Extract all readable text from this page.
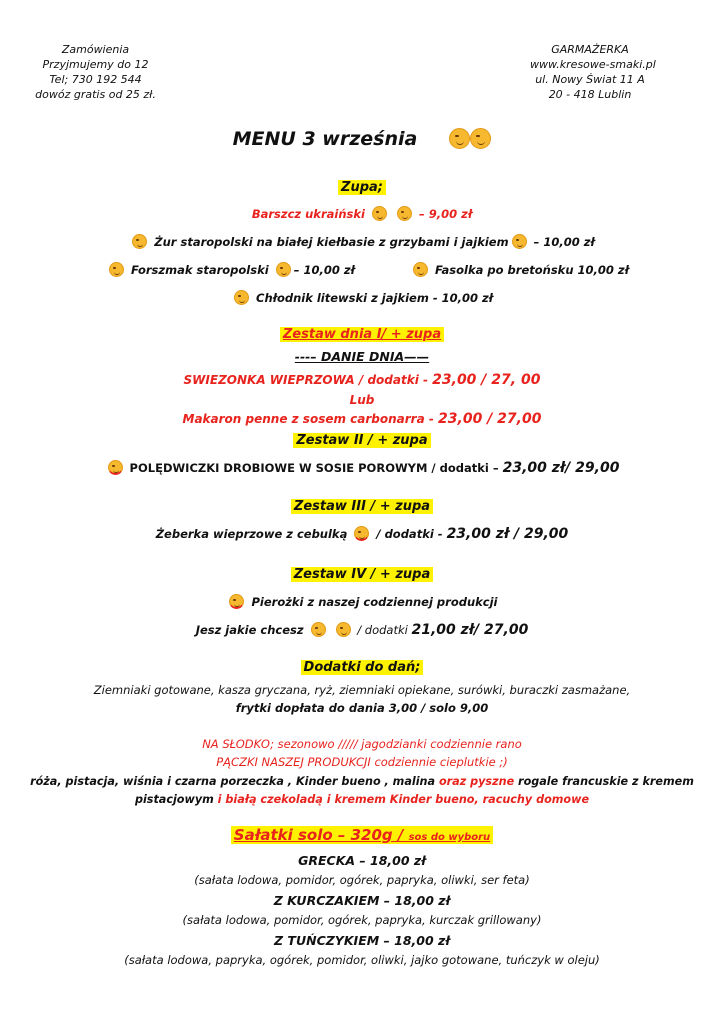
Zamówienia
Przyjmujemy do 12
Tel; 730 192 544
dowóz gratis od 25 zł.
GARMAŻERKA
www.kresowe-smaki.pl
ul. Nowy Świat 11 A
20 - 418 Lublin
MENU 3 września
Zupa;
Barszcz ukraiński	– 9,00 zł
Żur staropolski na białej kiełbasie z grzybami i jajkiem – 10,00 zł
Forszmak staropolski – 10,00 zł	Fasolka po bretońsku 10,00 zł
Chłodnik litewski z jajkiem - 10,00 zł
Zestaw dnia I/ + zupa
---– DANIE DNIA——
SWIEZONKA WIEPRZOWA / dodatki - 23,00 / 27, 00
Lub
Makaron penne z sosem carbonarra - 23,00 / 27,00
Zestaw II / + zupa
POLĘDWICZKI DROBIOWE W SOSIE POROWYM / dodatki – 23,00 zł/ 29,00
Zestaw III / + zupa
Żeberka wieprzowe z cebulką  / dodatki - 23,00 zł / 29,00
Zestaw IV / + zupa
Pierożki z naszej codziennej produkcji
Jesz jakie chcesz	/ dodatki 21,00 zł/ 27,00
Dodatki do dań;
Ziemniaki gotowane, kasza gryczana, ryż, ziemniaki opiekane, surówki, buraczki zasmażane,
frytki dopłata do dania 3,00 / solo 9,00
NA SŁODKO; sezonowo ///// jagodzianki codziennie rano
PĄCZKI NASZEJ PRODUKCJI codziennie cieplutkie ;)
róża, pistacja, wiśnia i czarna porzeczka , Kinder bueno , malina oraz pyszne rogale francuskie z kremem
pistacjowym i białą czekoladą i kremem Kinder bueno, racuchy domowe
Sałatki solo – 320g / sos do wyboru
GRECKA – 18,00 zł
(sałata lodowa, pomidor, ogórek, papryka, oliwki, ser feta)
Z KURCZAKIEM – 18,00 zł
(sałata lodowa, pomidor, ogórek, papryka, kurczak grillowany)
Z TUŃCZYKIEM – 18,00 zł
(sałata lodowa, papryka, ogórek, pomidor, oliwki, jajko gotowane, tuńczyk w oleju)
